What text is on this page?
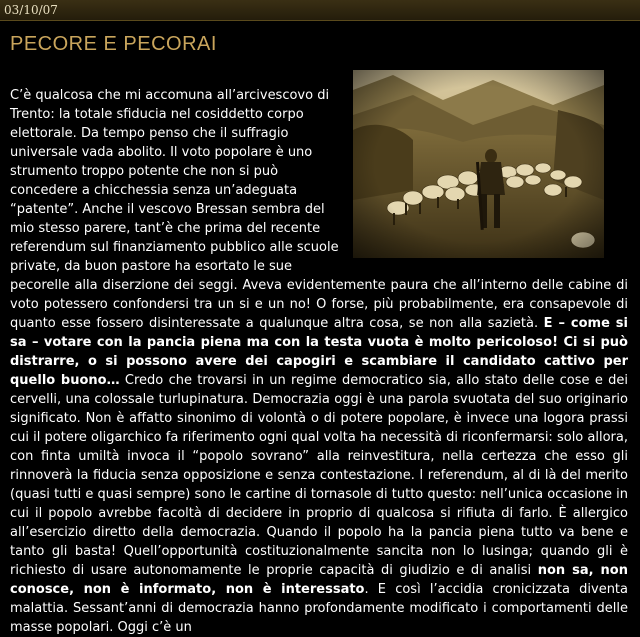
03/10/07
PECORE E PECORAI

C’è qualcosa che mi accomuna all’arcivescovo di

Trento: la totale sfiducia nel cosiddetto corpo

elettorale. Da tempo penso che il suffragio

universale vada abolito. Il voto popolare è uno

strumento troppo potente che non si può

concedere a chicchessia senza un’adeguata

“patente”. Anche il vescovo Bressan sembra del

mio stesso parere, tant’è che prima del recente

referendum sul finanziamento pubblico alle scuole

private, da buon pastore ha esortato le sue

pecorelle alla diserzione dei seggi. Aveva evidentemente paura che all’interno delle cabine di voto potessero confondersi tra un si e un no! O forse, più probabilmente, era consapevole di quanto esse fossero disinteressate a qualunque altra cosa, se non alla sazietà. E – come si sa – votare con la pancia piena ma con la testa vuota è molto pericoloso! Ci si può distrarre, o si possono avere dei capogiri e scambiare il candidato cattivo per quello buono… Credo che trovarsi in un regime democratico sia, allo stato delle cose e dei cervelli, una colossale turlupinatura. Democrazia oggi è una parola svuotata del suo originario significato. Non è affatto sinonimo di volontà o di potere popolare, è invece una logora prassi cui il potere oligarchico fa riferimento ogni qual volta ha necessità di riconfermarsi: solo allora, con finta umiltà invoca il “popolo sovrano” alla reinvestitura, nella certezza che esso gli rinnoverà la fiducia senza opposizione e senza contestazione. I referendum, al di là del merito (quasi tutti e quasi sempre) sono le cartine di tornasole di tutto questo: nell’unica occasione in cui il popolo avrebbe facoltà di decidere in proprio di qualcosa si rifiuta di farlo. È allergico all’esercizio diretto della democrazia. Quando il popolo ha la pancia piena tutto va bene e tanto gli basta! Quell’opportunità costituzionalmente sancita non lo lusinga; quando gli è richiesto di usare autonomamente le proprie capacità di giudizio e di analisi non sa, non conosce, non è informato, non è interessato. E così l’accidia cronicizzata diventa malattia. Sessant’anni di democrazia hanno profondamente modificato i comportamenti delle masse popolari. Oggi c’è un
